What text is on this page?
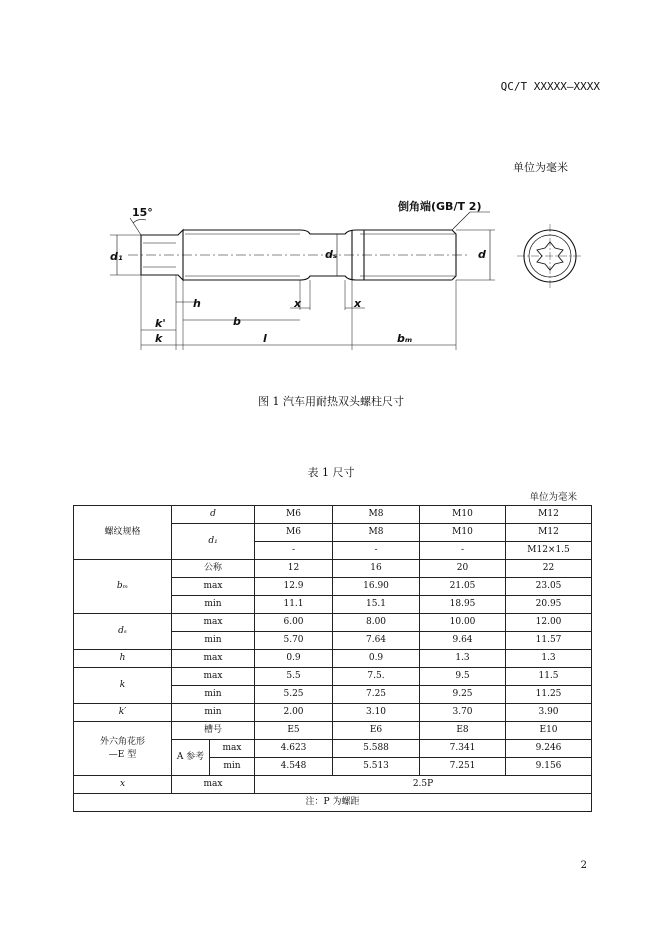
QC/T XXXXX—XXXX
单位为毫米
15°	倒角端(GB/T 2)
d₁	dₛ	d
h	x	x
k'	b
k	l	bₘ
图 1 汽车用耐热双头螺柱尺寸
表 1 尺寸
单位为毫米
螺纹规格	d		M6	M8	M10	M12
	d₁		M6	M8	M10	M12
			-	-	-	M12×1.5
bₘ	公称		12	16	20	22
	max		12.9	16.90	21.05	23.05
	min		11.1	15.1	18.95	20.95
dₛ	max		6.00	8.00	10.00	12.00
	min		5.70	7.64	9.64	11.57
h	max		0.9	0.9	1.3	1.3
k	max		5.5	7.5.	9.5	11.5
	min		5.25	7.25	9.25	11.25
k′	min		2.00	3.10	3.70	3.90

外六角花形
—E 型	槽号		E5	E6	E8	E10
	A 参考	max	4.623	5.588	7.341	9.246
		min	4.548	5.513	7.251	9.156
x	max		2.5P			
注：P 为螺距						
2
